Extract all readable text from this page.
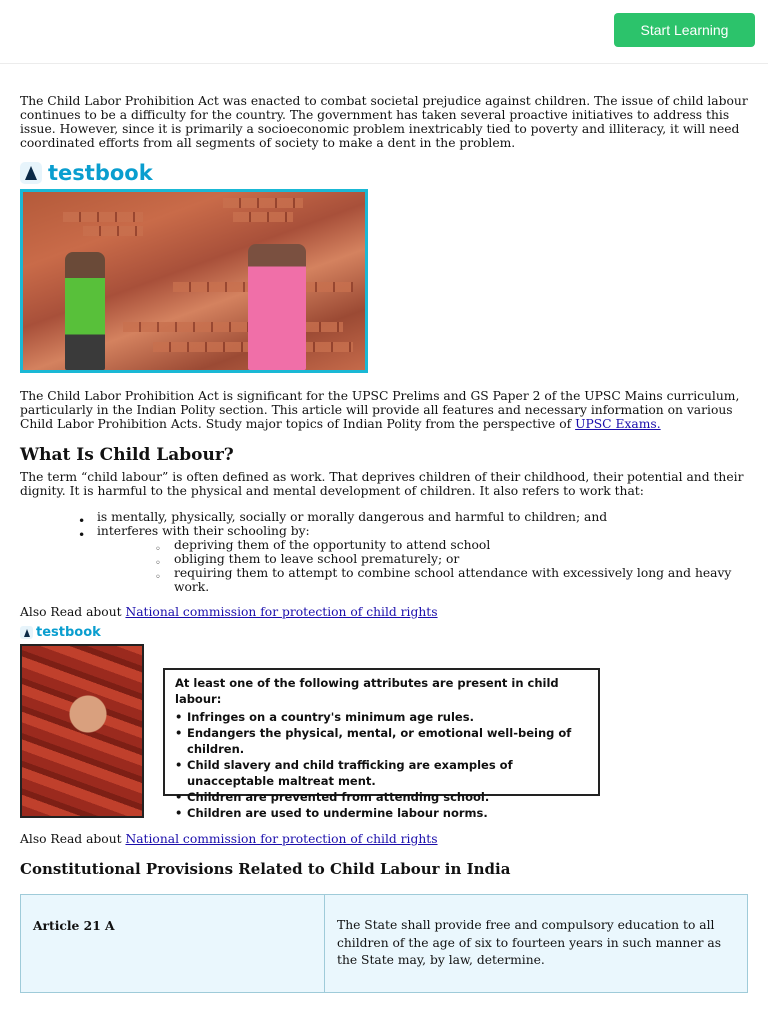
Start Learning

The Child Labor Prohibition Act was enacted to combat societal prejudice against children. The issue of child labour continues to be a difficulty for the country. The government has taken several proactive initiatives to address this issue. However, since it is primarily a socioeconomic problem inextricably tied to poverty and illiteracy, it will need coordinated efforts from all segments of society to make a dent in the problem.

testbook

The Child Labor Prohibition Act is significant for the UPSC Prelims and GS Paper 2 of the UPSC Mains curriculum, particularly in the Indian Polity section. This article will provide all features and necessary information on various Child Labor Prohibition Acts. Study major topics of Indian Polity from the perspective of UPSC Exams.

What Is Child Labour?

The term “child labour” is often defined as work. That deprives children of their childhood, their potential and their dignity. It is harmful to the physical and mental development of children. It also refers to work that:

• is mentally, physically, socially or morally dangerous and harmful to children; and
• interferes with their schooling by:
◦ depriving them of the opportunity to attend school
◦ obliging them to leave school prematurely; or
◦ requiring them to attempt to combine school attendance with excessively long and heavy work.

Also Read about National commission for protection of child rights

testbook
At least one of the following attributes are present in child labour:
• Infringes on a country's minimum age rules.
• Endangers the physical, mental, or emotional well-being of children.
• Child slavery and child trafficking are examples of unacceptable maltreat ment.
• Children are prevented from attending school.
• Children are used to undermine labour norms.

Also Read about National commission for protection of child rights

Constitutional Provisions Related to Child Labour in India
Article 21 A	The State shall provide free and compulsory education to all children of the age of six to fourteen years in such manner as the State may, by law, determine.
